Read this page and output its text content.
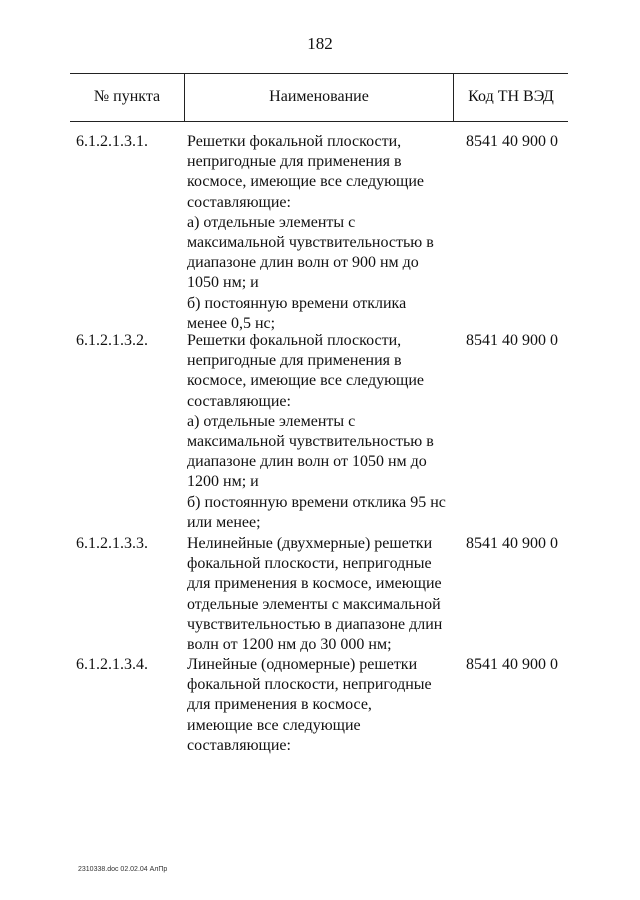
182
№ пункта	Наименование	Код ТН ВЭД
6.1.2.1.3.1.	Решетки фокальной плоскости,
непригодные для применения в
космосе, имеющие все следующие
составляющие:
а) отдельные элементы с
максимальной чувствительностью в
диапазоне длин волн от 900 нм до
1050 нм; и
б) постоянную времени отклика
менее 0,5 нс;
8541 40 900 0
6.1.2.1.3.2.	Решетки фокальной плоскости,
непригодные для применения в
космосе, имеющие все следующие
составляющие:
а) отдельные элементы с
максимальной чувствительностью в
диапазоне длин волн от 1050 нм до
1200 нм; и
б) постоянную времени отклика 95 нс
или менее;
8541 40 900 0
6.1.2.1.3.3.	Нелинейные (двухмерные) решетки
фокальной плоскости, непригодные
для применения в космосе, имеющие
отдельные элементы с максимальной
чувствительностью в диапазоне длин
волн от 1200 нм до 30 000 нм;
8541 40 900 0
6.1.2.1.3.4.	Линейные (одномерные) решетки
фокальной плоскости, непригодные
для применения в космосе,
имеющие все следующие
составляющие:
8541 40 900 0
2310338.doc 02.02.04 АлПр
